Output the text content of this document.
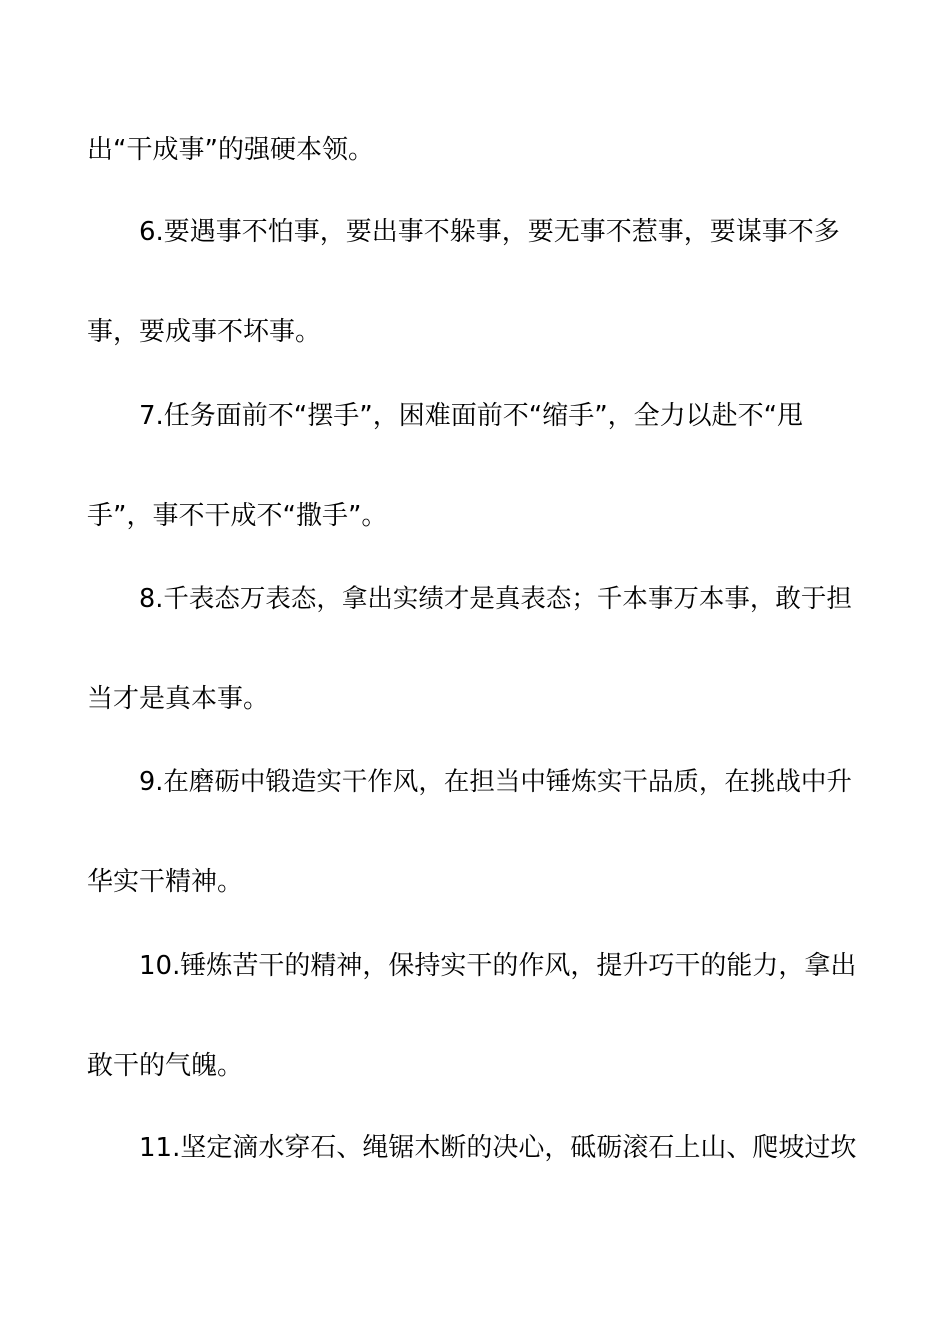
出“干成事”的强硬本领。
6.要遇事不怕事，要出事不躲事，要无事不惹事，要谋事不多
事，要成事不坏事。
7.任务面前不“摆手”，困难面前不“缩手”，全力以赴不“甩
手”，事不干成不“撒手”。
8.千表态万表态，拿出实绩才是真表态；千本事万本事，敢于担
当才是真本事。
9.在磨砺中锻造实干作风，在担当中锤炼实干品质，在挑战中升
华实干精神。
10.锤炼苦干的精神，保持实干的作风，提升巧干的能力，拿出
敢干的气魄。
11.坚定滴水穿石、绳锯木断的决心，砥砺滚石上山、爬坡过坎
